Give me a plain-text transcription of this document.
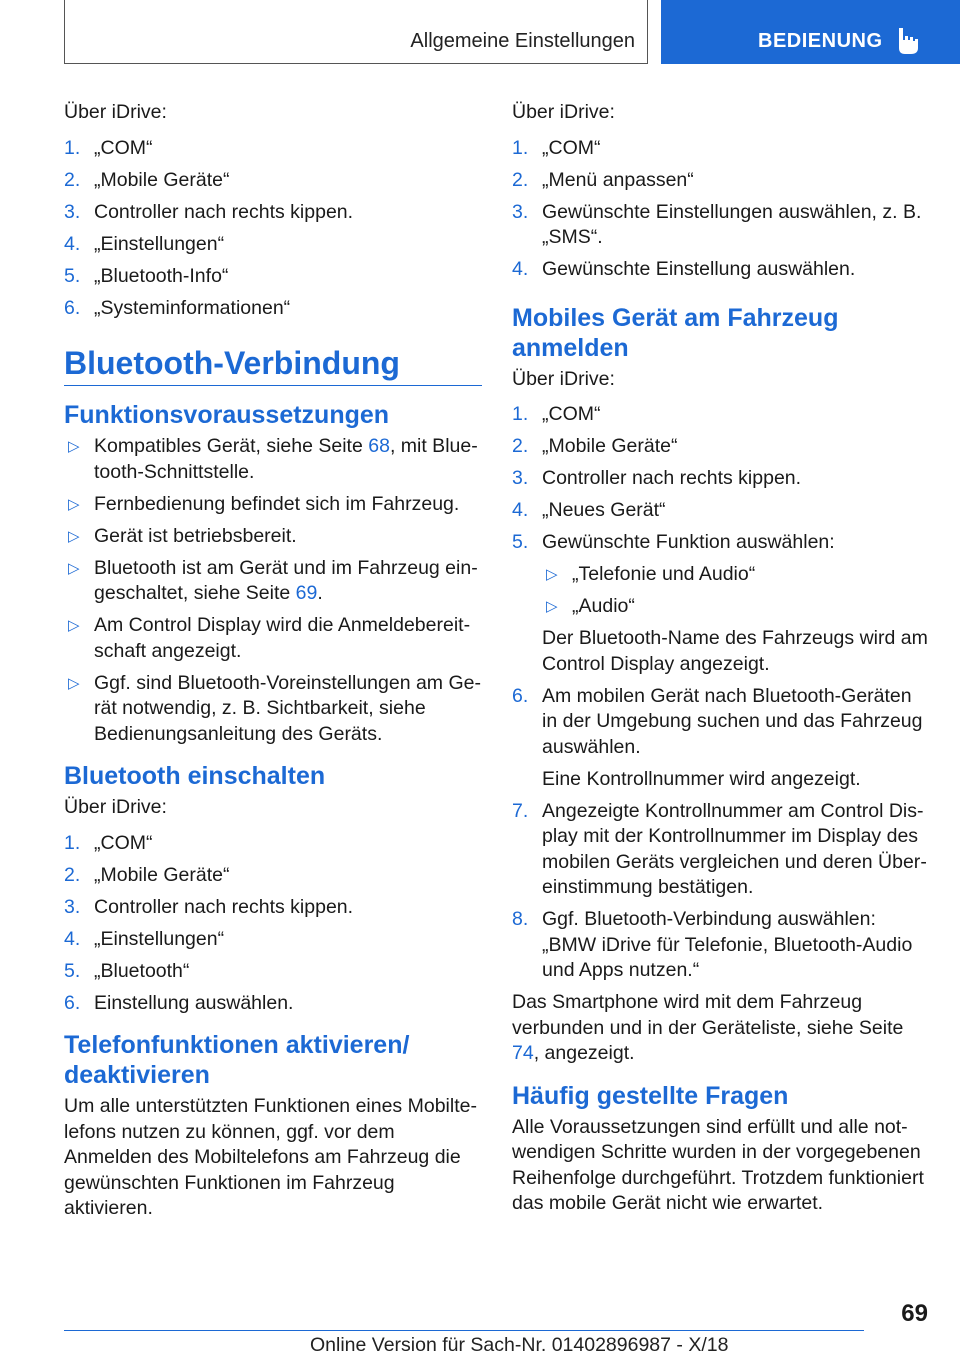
Allgemeine Einstellungen	BEDIENUNG

Über iDrive:

1. „COM“
2. „Mobile Geräte“
3. Controller nach rechts kippen.
4. „Einstellungen“
5. „Bluetooth-Info“
6. „Systeminformationen“
Bluetooth-Verbindung
Funktionsvoraussetzungen
▷ Kompatibles Gerät, siehe Seite 68, mit Bluetooth-Schnittstelle.
▷ Fernbedienung befindet sich im Fahrzeug.
▷ Gerät ist betriebsbereit.
▷ Bluetooth ist am Gerät und im Fahrzeug eingeschaltet, siehe Seite 69.
▷ Am Control Display wird die Anmeldebereitschaft angezeigt.
▷ Ggf. sind Bluetooth-Voreinstellungen am Gerät notwendig, z. B. Sichtbarkeit, siehe Bedienungsanleitung des Geräts.
Bluetooth einschalten

Über iDrive:

1. „COM“
2. „Mobile Geräte“
3. Controller nach rechts kippen.
4. „Einstellungen“
5. „Bluetooth“
6. Einstellung auswählen.
Telefonfunktionen aktivieren/ deaktivieren

Um alle unterstützten Funktionen eines Mobiltelefons nutzen zu können, ggf. vor dem Anmelden des Mobiltelefons am Fahrzeug die gewünschten Funktionen im Fahrzeug aktivieren.

Über iDrive:

1. „COM“
2. „Menü anpassen“
3. Gewünschte Einstellungen auswählen, z. B. „SMS“.
4. Gewünschte Einstellung auswählen.
Mobiles Gerät am Fahrzeug anmelden

Über iDrive:

1. „COM“
2. „Mobile Geräte“
3. Controller nach rechts kippen.
4. „Neues Gerät“
5. Gewünschte Funktion auswählen:
▷ „Telefonie und Audio“
▷ „Audio“

Der Bluetooth-Name des Fahrzeugs wird am Control Display angezeigt.

6. Am mobilen Gerät nach Bluetooth-Geräten in der Umgebung suchen und das Fahrzeug auswählen.

Eine Kontrollnummer wird angezeigt.

7. Angezeigte Kontrollnummer am Control Display mit der Kontrollnummer im Display des mobilen Geräts vergleichen und deren Übereinstimmung bestätigen.
8. Ggf. Bluetooth-Verbindung auswählen: „BMW iDrive für Telefonie, Bluetooth-Audio und Apps nutzen.“

Das Smartphone wird mit dem Fahrzeug verbunden und in der Geräteliste, siehe Seite 74, angezeigt.

Häufig gestellte Fragen

Alle Voraussetzungen sind erfüllt und alle notwendigen Schritte wurden in der vorgegebenen Reihenfolge durchgeführt. Trotzdem funktioniert das mobile Gerät nicht wie erwartet.

69
Online Version für Sach-Nr. 01402896987 - X/18
